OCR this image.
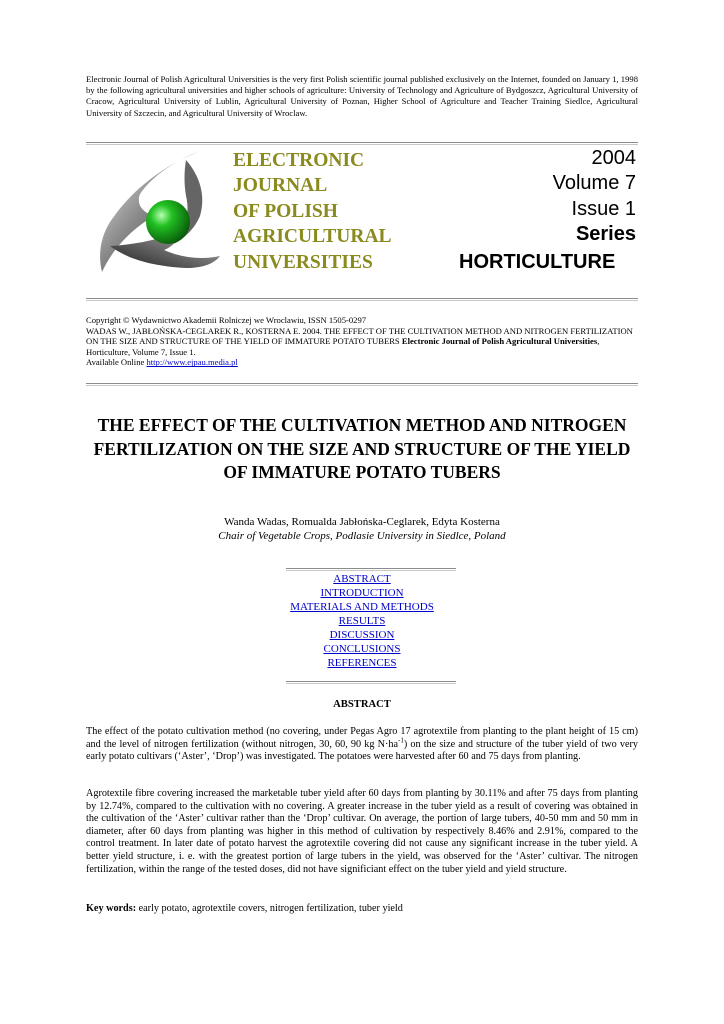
Electronic Journal of Polish Agricultural Universities is the very first Polish scientific journal published exclusively on the Internet, founded on January 1, 1998 by the following agricultural universities and higher schools of agriculture: University of Technology and Agriculture of Bydgoszcz, Agricultural University of Cracow, Agricultural University of Lublin, Agricultural University of Poznan, Higher School of Agriculture and Teacher Training Siedlce, Agricultural University of Szczecin, and Agricultural University of Wroclaw.
ELECTRONIC
JOURNAL
OF POLISH
AGRICULTURAL
UNIVERSITIES
2004
Volume 7
Issue 1
Series
HORTICULTURE
Copyright © Wydawnictwo Akademii Rolniczej we Wroclawiu, ISSN 1505-0297
WADAS W., JABŁOŃSKA-CEGLAREK R., KOSTERNA E. 2004. THE EFFECT OF THE CULTIVATION METHOD AND NITROGEN FERTILIZATION ON THE SIZE AND STRUCTURE OF THE YIELD OF IMMATURE POTATO TUBERS Electronic Journal of Polish Agricultural Universities, Horticulture, Volume 7, Issue 1.
Available Online http://www.ejpau.media.pl
THE EFFECT OF THE CULTIVATION METHOD AND NITROGEN FERTILIZATION ON THE SIZE AND STRUCTURE OF THE YIELD OF IMMATURE POTATO TUBERS
Wanda Wadas, Romualda Jabłońska-Ceglarek, Edyta Kosterna
Chair of Vegetable Crops, Podlasie University in Siedlce, Poland
ABSTRACT
INTRODUCTION
MATERIALS AND METHODS
RESULTS
DISCUSSION
CONCLUSIONS
REFERENCES
ABSTRACT
The effect of the potato cultivation method (no covering, under Pegas Agro 17 agrotextile from planting to the plant height of 15 cm) and the level of nitrogen fertilization (without nitrogen, 30, 60, 90 kg $N\cdot ha^{-1}$) on the size and structure of the tuber yield of two very early potato cultivars (‘Aster’, ‘Drop’) was investigated. The potatoes were harvested after 60 and 75 days from planting.
Agrotextile fibre covering increased the marketable tuber yield after 60 days from planting by 30.11% and after 75 days from planting by 12.74%, compared to the cultivation with no covering. A greater increase in the tuber yield as a result of covering was obtained in the cultivation of the ‘Aster’ cultivar rather than the ‘Drop’ cultivar. On average, the portion of large tubers, 40-50 mm and 50 mm in diameter, after 60 days from planting was higher in this method of cultivation by respectively 8.46% and 2.91%, compared to the control treatment. In later date of potato harvest the agrotextile covering did not cause any significant increase in the tuber yield. A better yield structure, i. e. with the greatest portion of large tubers in the yield, was observed for the ‘Aster’ cultivar. The nitrogen fertilization, within the range of the tested doses, did not have significiant effect on the tuber yield and yield structure.
Key words: early potato, agrotextile covers, nitrogen fertilization, tuber yield
